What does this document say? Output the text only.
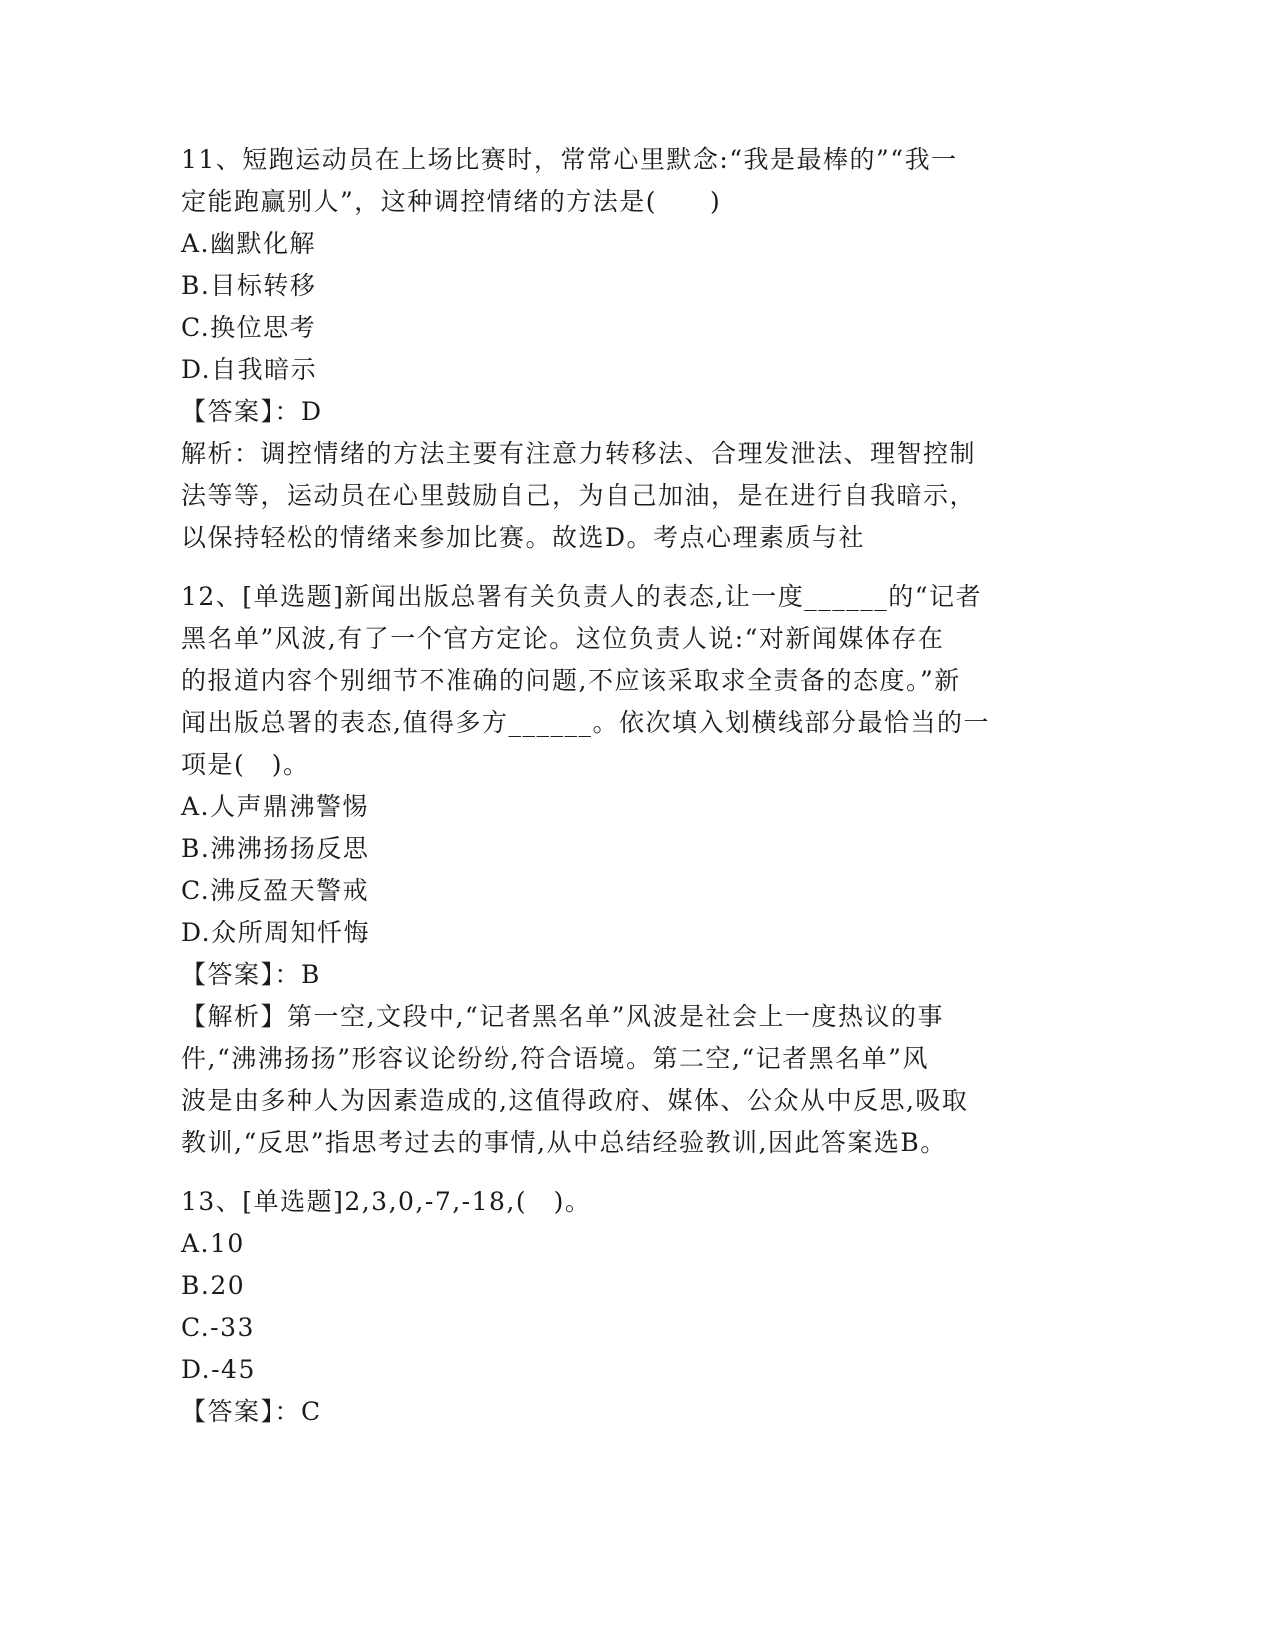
11、短跑运动员在上场比赛时，常常心里默念:“我是最棒的”“我一
定能跑赢别人”，这种调控情绪的方法是(　　)
A.幽默化解
B.目标转移
C.换位思考
D.自我暗示
【答案】：D
解析：调控情绪的方法主要有注意力转移法、合理发泄法、理智控制
法等等，运动员在心里鼓励自己，为自己加油，是在进行自我暗示，
以保持轻松的情绪来参加比赛。故选D。考点心理素质与社
12、[单选题]新闻出版总署有关负责人的表态,让一度______的“记者
黑名单”风波,有了一个官方定论。这位负责人说:“对新闻媒体存在
的报道内容个别细节不准确的问题,不应该采取求全责备的态度。”新
闻出版总署的表态,值得多方______。依次填入划横线部分最恰当的一
项是(　)。
A.人声鼎沸警惕
B.沸沸扬扬反思
C.沸反盈天警戒
D.众所周知忏悔
【答案】：B
【解析】第一空,文段中,“记者黑名单”风波是社会上一度热议的事
件,“沸沸扬扬”形容议论纷纷,符合语境。第二空,“记者黑名单”风
波是由多种人为因素造成的,这值得政府、媒体、公众从中反思,吸取
教训,“反思”指思考过去的事情,从中总结经验教训,因此答案选B。
13、[单选题]2,3,0,-7,-18,(　)。
A.10
B.20
C.-33
D.-45
【答案】：C
